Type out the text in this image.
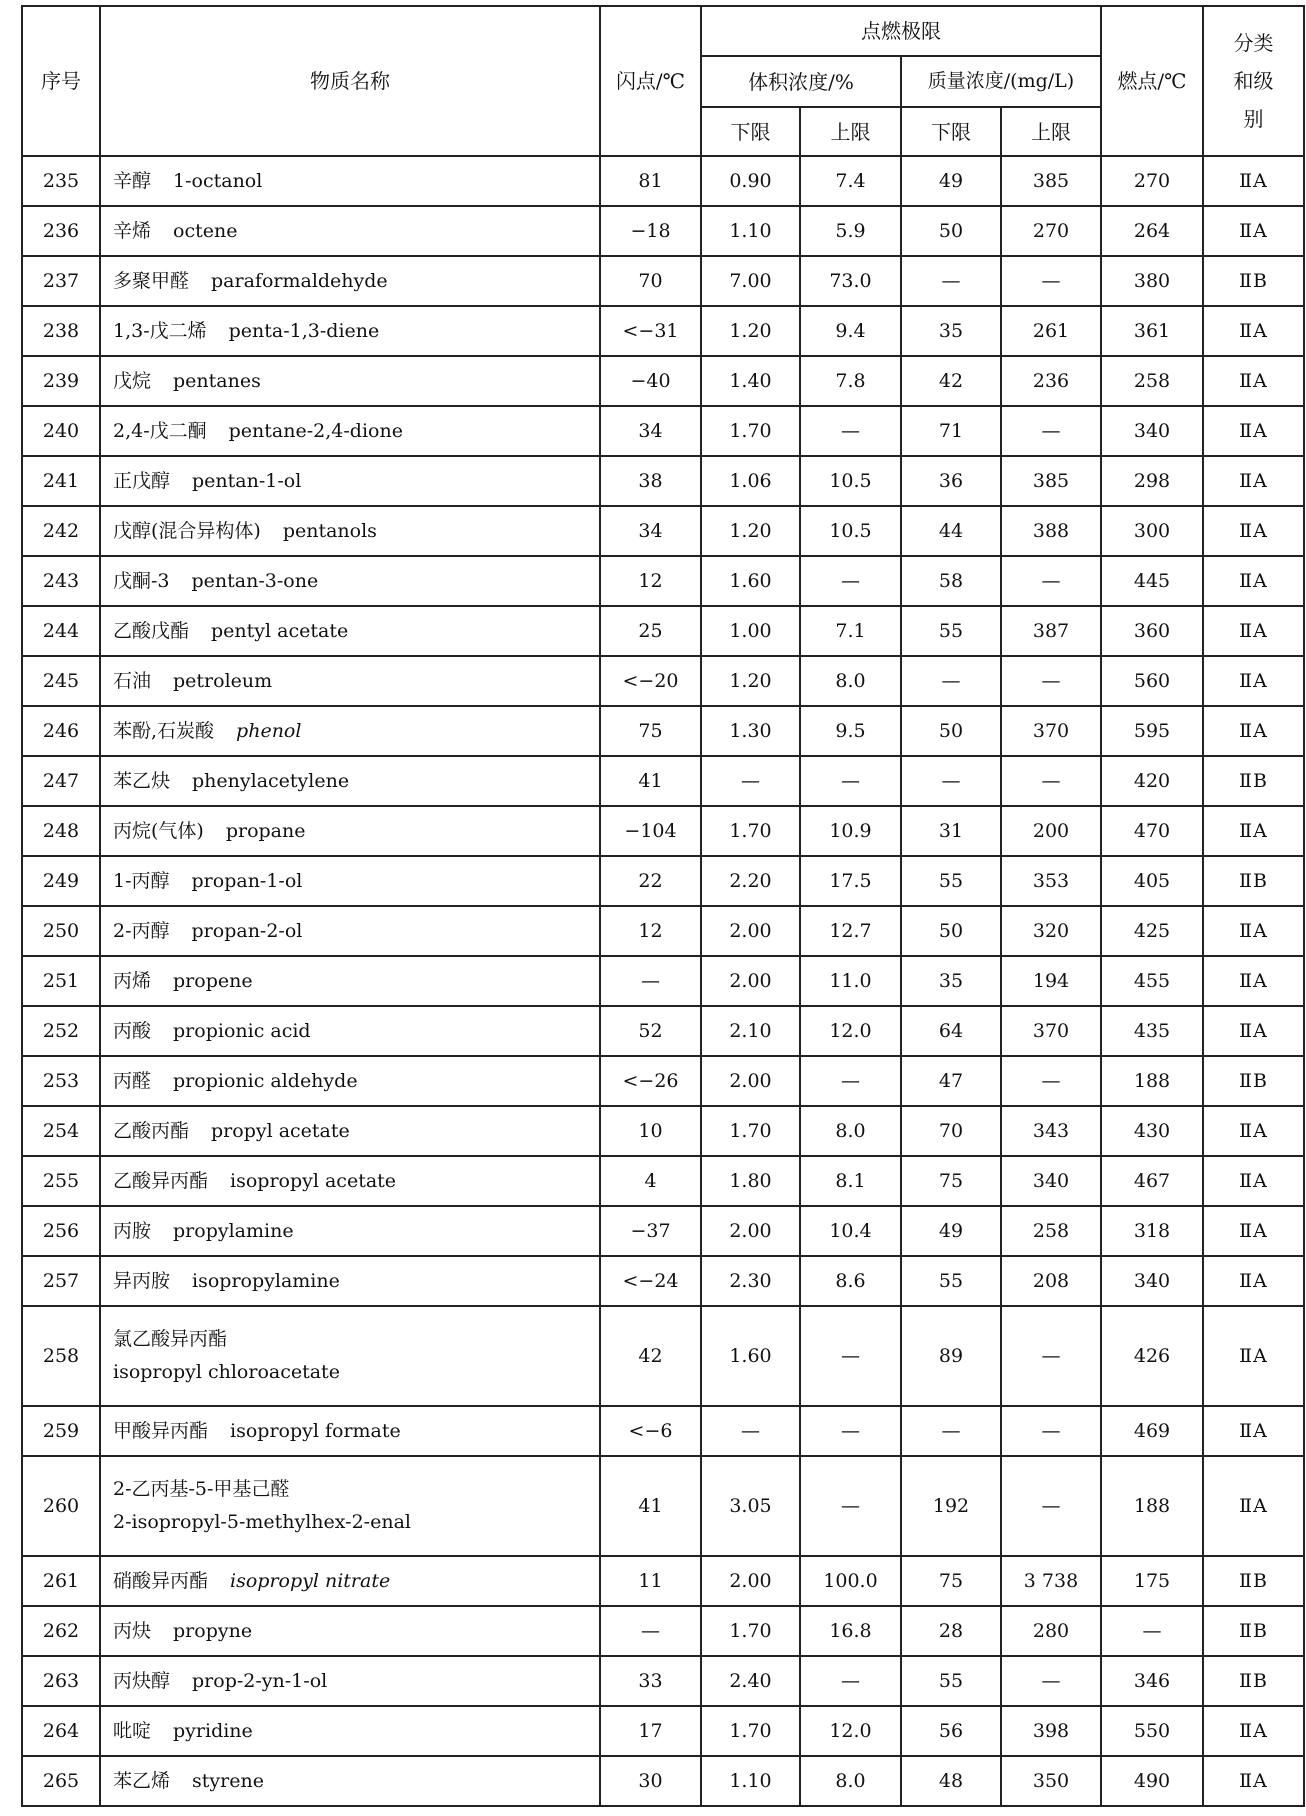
序号	物质名称	闪点/℃	点燃极限				燃点/℃	分类和级别
			体积浓度/%		质量浓度/(mg/L)			
			下限	上限	下限	上限		
235	辛醇 1-octanol	81	0.90	7.4	49	385	270	ⅡA
236	辛烯 octene	−18	1.10	5.9	50	270	264	ⅡA
237	多聚甲醛 paraformaldehyde	70	7.00	73.0	—	—	380	ⅡB
238	1,3-戊二烯 penta-1,3-diene	<−31	1.20	9.4	35	261	361	ⅡA
239	戊烷 pentanes	−40	1.40	7.8	42	236	258	ⅡA
240	2,4-戊二酮 pentane-2,4-dione	34	1.70	—	71	—	340	ⅡA
241	正戊醇 pentan-1-ol	38	1.06	10.5	36	385	298	ⅡA
242	戊醇(混合异构体) pentanols	34	1.20	10.5	44	388	300	ⅡA
243	戊酮-3 pentan-3-one	12	1.60	—	58	—	445	ⅡA
244	乙酸戊酯 pentyl acetate	25	1.00	7.1	55	387	360	ⅡA
245	石油 petroleum	<−20	1.20	8.0	—	—	560	ⅡA
246	苯酚,石炭酸 phenol	75	1.30	9.5	50	370	595	ⅡA
247	苯乙炔 phenylacetylene	41	—	—	—	—	420	ⅡB
248	丙烷(气体) propane	−104	1.70	10.9	31	200	470	ⅡA
249	1-丙醇 propan-1-ol	22	2.20	17.5	55	353	405	ⅡB
250	2-丙醇 propan-2-ol	12	2.00	12.7	50	320	425	ⅡA
251	丙烯 propene	—	2.00	11.0	35	194	455	ⅡA
252	丙酸 propionic acid	52	2.10	12.0	64	370	435	ⅡA
253	丙醛 propionic aldehyde	<−26	2.00	—	47	—	188	ⅡB
254	乙酸丙酯 propyl acetate	10	1.70	8.0	70	343	430	ⅡA
255	乙酸异丙酯 isopropyl acetate	4	1.80	8.1	75	340	467	ⅡA
256	丙胺 propylamine	−37	2.00	10.4	49	258	318	ⅡA
257	异丙胺 isopropylamine	<−24	2.30	8.6	55	208	340	ⅡA
258	氯乙酸异丙酯
isopropyl chloroacetate	42	1.60	—	89	—	426	ⅡA
259	甲酸异丙酯 isopropyl formate	<−6	—	—	—	—	469	ⅡA
260	2-乙丙基-5-甲基己醛
2-isopropyl-5-methylhex-2-enal	41	3.05	—	192	—	188	ⅡA
261	硝酸异丙酯 isopropyl nitrate	11	2.00	100.0	75	3 738	175	ⅡB
262	丙炔 propyne	—	1.70	16.8	28	280	—	ⅡB
263	丙炔醇 prop-2-yn-1-ol	33	2.40	—	55	—	346	ⅡB
264	吡啶 pyridine	17	1.70	12.0	56	398	550	ⅡA
265	苯乙烯 styrene	30	1.10	8.0	48	350	490	ⅡA
